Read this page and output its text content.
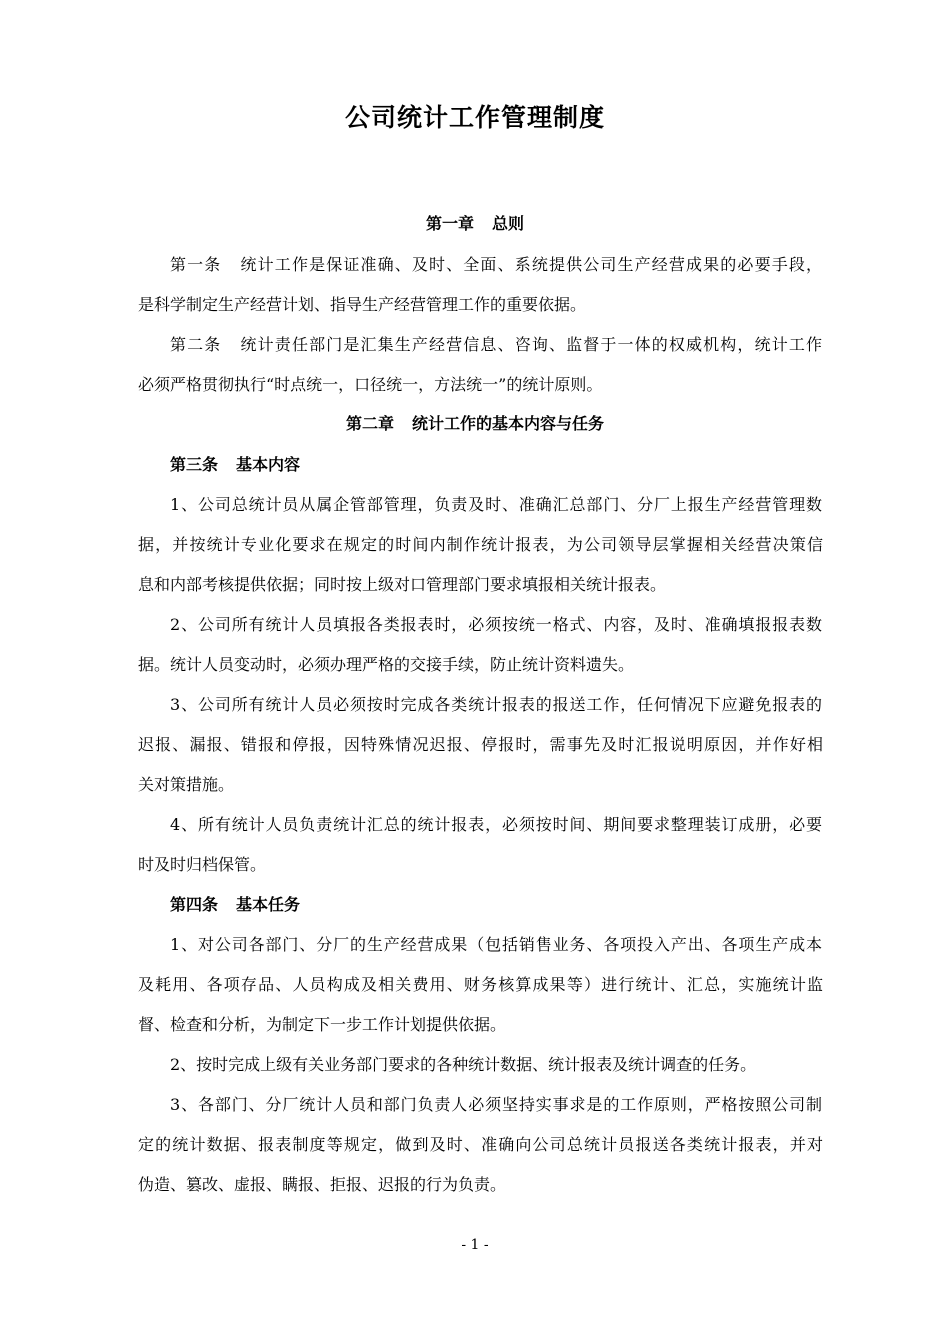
公司统计工作管理制度
第一章 总则
第一条 统计工作是保证准确、及时、全面、系统提供公司生产经营成果的必要手段，
是科学制定生产经营计划、指导生产经营管理工作的重要依据。
第二条 统计责任部门是汇集生产经营信息、咨询、监督于一体的权威机构，统计工作
必须严格贯彻执行“时点统一，口径统一，方法统一”的统计原则。
第二章 统计工作的基本内容与任务
第三条 基本内容
1、公司总统计员从属企管部管理，负责及时、准确汇总部门、分厂上报生产经营管理数
据，并按统计专业化要求在规定的时间内制作统计报表，为公司领导层掌握相关经营决策信
息和内部考核提供依据；同时按上级对口管理部门要求填报相关统计报表。
2、公司所有统计人员填报各类报表时，必须按统一格式、内容，及时、准确填报报表数
据。统计人员变动时，必须办理严格的交接手续，防止统计资料遗失。
3、公司所有统计人员必须按时完成各类统计报表的报送工作，任何情况下应避免报表的
迟报、漏报、错报和停报，因特殊情况迟报、停报时，需事先及时汇报说明原因，并作好相
关对策措施。
4、所有统计人员负责统计汇总的统计报表，必须按时间、期间要求整理装订成册，必要
时及时归档保管。
第四条 基本任务
1、对公司各部门、分厂的生产经营成果（包括销售业务、各项投入产出、各项生产成本
及耗用、各项存品、人员构成及相关费用、财务核算成果等）进行统计、汇总，实施统计监
督、检查和分析，为制定下一步工作计划提供依据。
2、按时完成上级有关业务部门要求的各种统计数据、统计报表及统计调查的任务。
3、各部门、分厂统计人员和部门负责人必须坚持实事求是的工作原则，严格按照公司制
定的统计数据、报表制度等规定，做到及时、准确向公司总统计员报送各类统计报表，并对
伪造、篡改、虚报、瞒报、拒报、迟报的行为负责。
- 1 -
